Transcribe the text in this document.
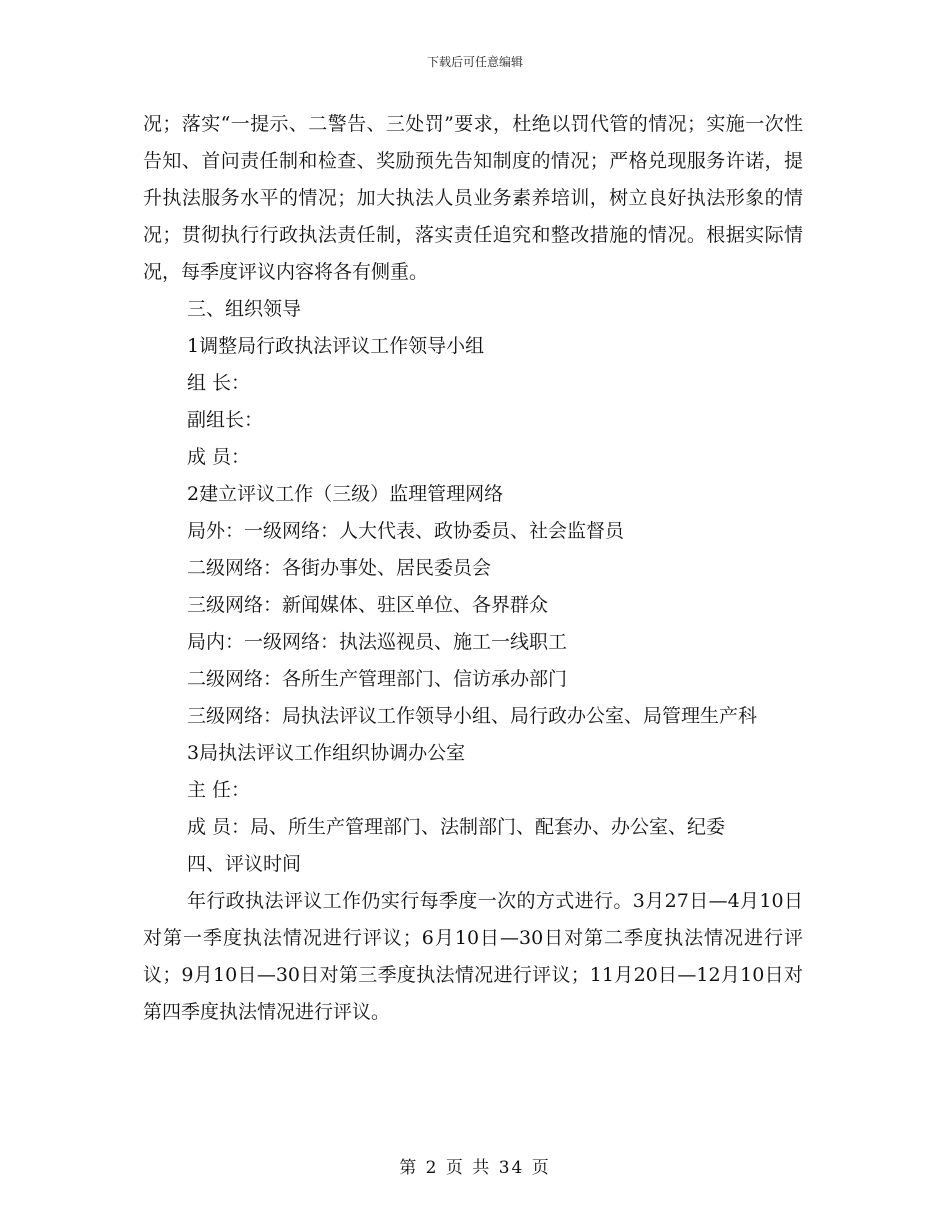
下载后可任意编辑

况；落实“一提示、二警告、三处罚”要求，杜绝以罚代管的情况；实施一次性告知、首问责任制和检查、奖励预先告知制度的情况；严格兑现服务许诺，提升执法服务水平的情况；加大执法人员业务素养培训，树立良好执法形象的情况；贯彻执行行政执法责任制，落实责任追究和整改措施的情况。根据实际情况，每季度评议内容将各有侧重。

三、组织领导

1调整局行政执法评议工作领导小组

组 长：

副组长：

成 员：

2建立评议工作（三级）监理管理网络

局外：一级网络：人大代表、政协委员、社会监督员

二级网络：各街办事处、居民委员会

三级网络：新闻媒体、驻区单位、各界群众

局内：一级网络：执法巡视员、施工一线职工

二级网络：各所生产管理部门、信访承办部门

三级网络：局执法评议工作领导小组、局行政办公室、局管理生产科

3局执法评议工作组织协调办公室

主 任：

成 员：局、所生产管理部门、法制部门、配套办、办公室、纪委

四、评议时间

年行政执法评议工作仍实行每季度一次的方式进行。3月27日—4月10日对第一季度执法情况进行评议；6月10日—30日对第二季度执法情况进行评议；9月10日—30日对第三季度执法情况进行评议；11月20日—12月10日对第四季度执法情况进行评议。

第 2 页 共 34 页
